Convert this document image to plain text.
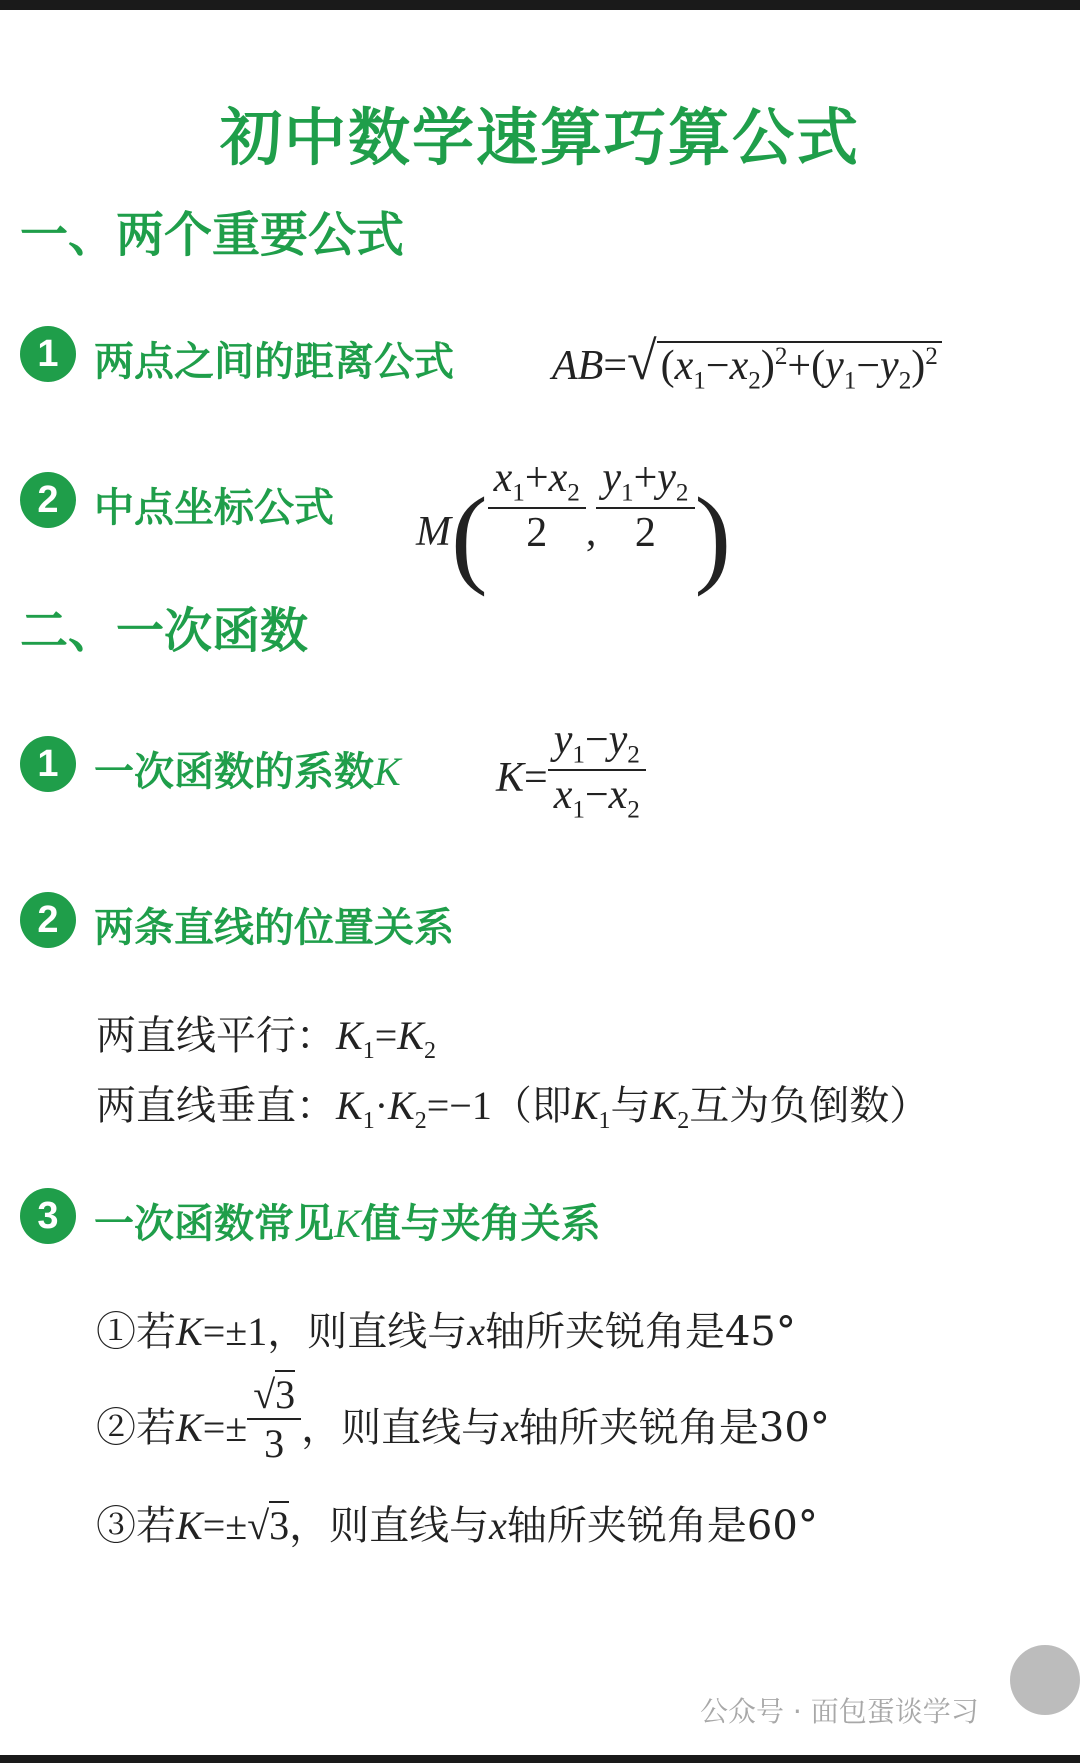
初中数学速算巧算公式
一、两个重要公式
1 两点之间的距离公式 $AB=√(x_1-x_2)^2+(y_1-y_2)^2$
2 中点坐标公式
$M( \frac{x_1+x_2}{2}$ , $\frac{y_1+y_2}{2}$ )
二、一次函数
1 一次函数的系数K $K= \frac{y_1-y_2}{x_1-x_2}$
2 两条直线的位置关系
两直线平行：$K_1=K_2$
两直线垂直：$K_1\cdot K_2=-1$（即$K_1$与$K_2$互为负倒数）
3 一次函数常见K值与夹角关系
①若K=±1，则直线与x轴所夹锐角是45°
②若$K=\pm \frac{√3}{3}$ ，则直线与x轴所夹锐角是30°
③若K=±√3，则直线与x轴所夹锐角是60°
公众号 · 面包蛋谈学习
